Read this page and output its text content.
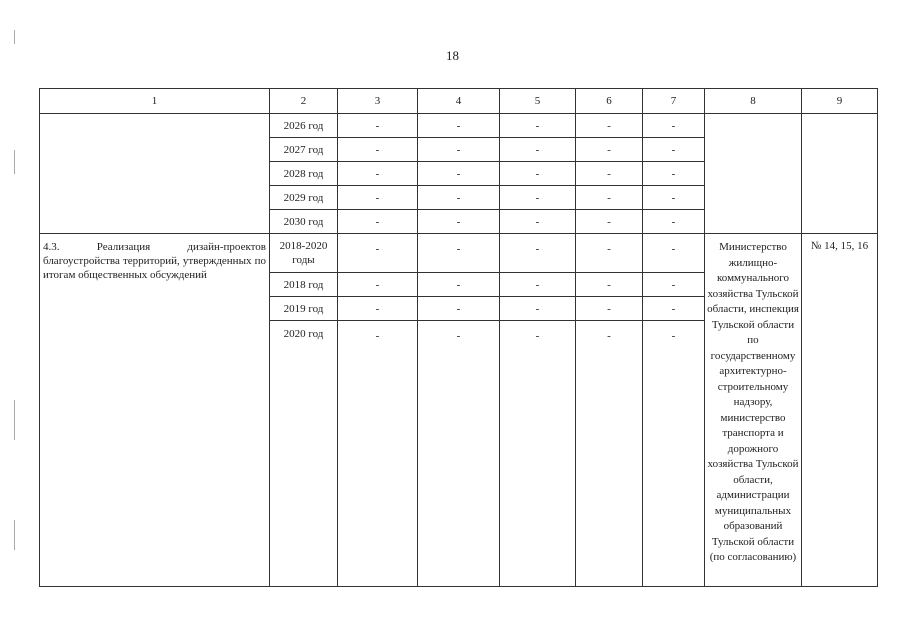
18
1	2	3	4	5	6	7	8	9
	2026 год	-	-	-	-	-		
	2027 год	-	-	-	-	-		
	2028 год	-	-	-	-	-		
	2029 год	-	-	-	-	-		
	2030 год	-	-	-	-	-		
4.3. Реализация дизайн-проектов благоустройства территорий, утвержденных по итогам общественных обсуждений	2018-2020 годы	-	-	-	-	-	Министерство жилищно-коммунального хозяйства Тульской области, инспекция Тульской области по государственному архитектурно-строительному надзору, министерство транспорта и дорожного хозяйства Тульской области, администрации муниципальных образований Тульской области (по согласованию)	№ 14, 15, 16
	2018 год	-	-	-	-	-		
	2019 год	-	-	-	-	-		
	2020 год	-	-	-	-	-		
